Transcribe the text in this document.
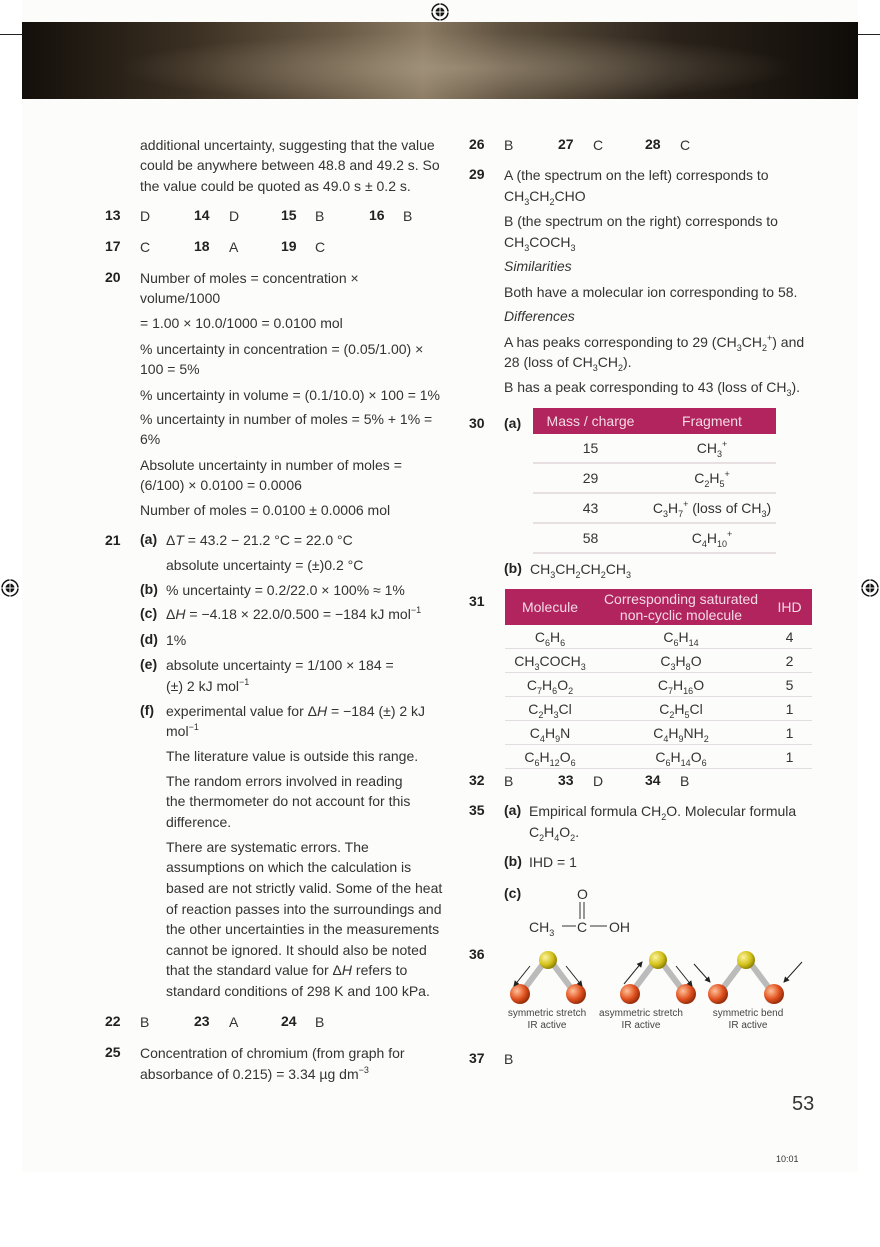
additional uncertainty, suggesting that the value
could be anywhere between 48.8 and 49.2 s. So
the value could be quoted as 49.0 s ± 0.2 s.
13 D	14 D	15 B	16 B
17 C	18 A	19 C
20 Number of moles = concentration ×
volume/1000
= 1.00 × 10.0/1000 = 0.0100 mol
% uncertainty in concentration = (0.05/1.00) ×
100 = 5%
% uncertainty in volume = (0.1/10.0) × 100 = 1%
% uncertainty in number of moles = 5% + 1% =
6%
Absolute uncertainty in number of moles =
(6/100) × 0.0100 = 0.0006
Number of moles = 0.0100 ± 0.0006 mol
21 (a) ΔT = 43.2 − 21.2 °C = 22.0 °C
absolute uncertainty = (±)0.2 °C
(b) % uncertainty = 0.2/22.0 × 100% ≈ 1%
(c) ΔH = −4.18 × 22.0/0.500 = −184 kJ mol$^{-1}$
(d) 1%
(e) absolute uncertainty = 1/100 × 184 =
(±) 2 kJ mol$^{-1}$
(f) experimental value for ΔH = −184 (±) 2 kJ
mol$^{-1}$
The literature value is outside this range.
The random errors involved in reading
the thermometer do not account for this
difference.
There are systematic errors. The
assumptions on which the calculation is
based are not strictly valid. Some of the heat
of reaction passes into the surroundings and
the other uncertainties in the measurements
cannot be ignored. It should also be noted
that the standard value for ΔH refers to
standard conditions of 298 K and 100 kPa.
22 B	23 A	24 B
25 Concentration of chromium (from graph for
absorbance of 0.215) = 3.34 µg $dm^{-3}$
26 B	27 C	28 C
29 A (the spectrum on the left) corresponds to
$CH_3CH_2CHO$
B (the spectrum on the right) corresponds to
$CH_3COCH_3$
Similarities
Both have a molecular ion corresponding to 58.
Differences
A has peaks corresponding to 29 $(CH_3CH_2^+)$ and
28 (loss of $CH_3CH_2$).
B has a peak corresponding to 43 (loss of $CH_3$).
30 (a) Mass / charge	Fragment
15	$CH_3^+$
29	$C_2H_5^+$
43	$C_3H_7^+$ (loss of $CH_3$)
58	$C_4H_{10}^+$
(b) $CH_3CH_2CH_2CH_3$
31	Molecule	Corresponding saturated non-cyclic molecule	IHD
$C_6H_6$	$C_6H_{14}$	4
$CH_3COCH_3$	$C_3H_8O$	2
$C_7H_6O_2$	$C_7H_{16}O$	5
$C_2H_3Cl$	$C_2H_5Cl$	1
$C_4H_9N$	$C_4H_9NH_2$	1
$C_6H_{12}O_6$	$C_6H_{14}O_6$	1
32 B	33 D	34 B
35 (a) Empirical formula $CH_2O$. Molecular formula
$C_2H_4O_2$.
(b) IHD = 1
(c)	O
$CH_3$ C OH
36
symmetric stretch
IR active
asymmetric stretch
IR active
symmetric bend
IR active
37 B
53
10:01
